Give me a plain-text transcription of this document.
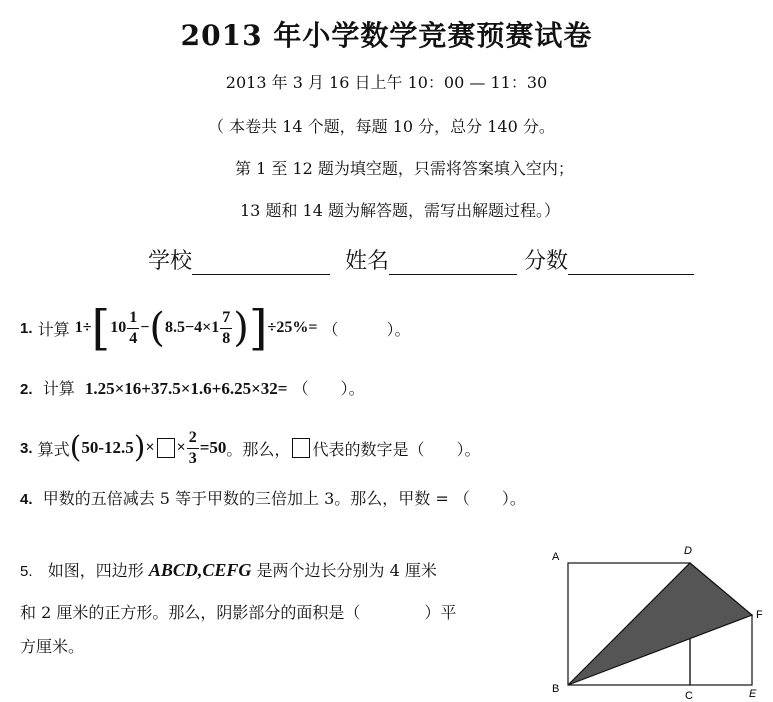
2013 年小学数学竞赛预赛试卷
2013 年 3 月 16 日上午 10：00 — 11：30
（ 本卷共 14 个题，每题 10 分，总分 140 分。
第 1 至 12 题为填空题，只需将答案填入空内；
13 题和 14 题为解答题，需写出解题过程。）
学校	姓名	分数
1.
计算
1÷ [ $10 \frac{1}{4}$ − ( $8.5-4\times 1 \frac{7}{8}$ ) ] ÷25%=
（　　　）。
2. 计算 1.25×16+37.5×1.6+6.25×32= （　　）。
3.
算式 ( 50-12.5 ) × × $\frac{2}{3} =50$ 。那么， 代表的数字是（　　）。
4. 甲数的五倍减去 5 等于甲数的三倍加上 3。那么，甲数 = （　　）。
5. 如图，四边形 ABCD,CEFG 是两个边长分别为 4 厘米
和 2 厘米的正方形。那么，阴影部分的面积是（　　　　）平
方厘米。
A	D
F
B
C	E
